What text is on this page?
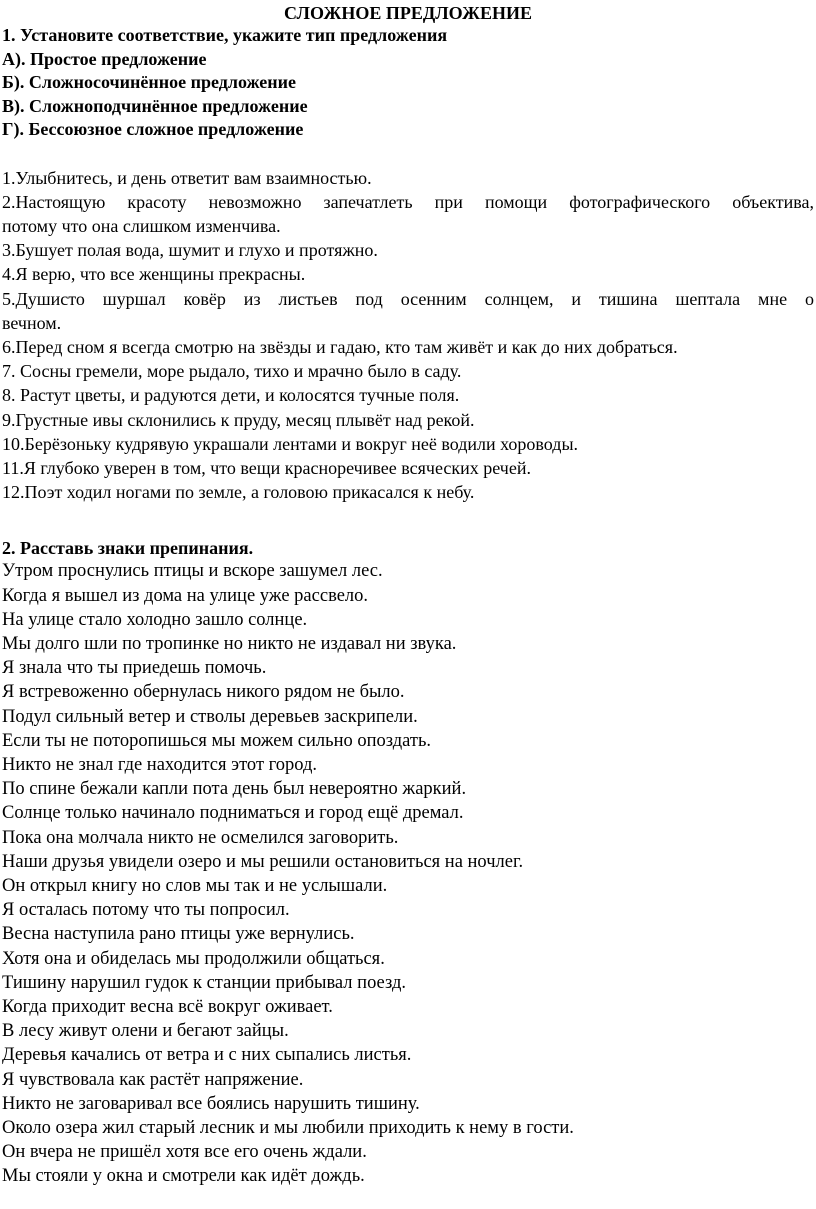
СЛОЖНОЕ ПРЕДЛОЖЕНИЕ
1. Установите соответствие, укажите тип предложения
А). Простое предложение
Б). Сложносочинённое предложение
В). Сложноподчинённое предложение
Г). Бессоюзное сложное предложение
1.Улыбнитесь, и день ответит вам взаимностью.
2.Настоящую красоту невозможно запечатлеть при помощи фотографического объектива,
потому что она слишком изменчива.
3.Бушует полая вода, шумит и глухо и протяжно.
4.Я верю, что все женщины прекрасны.
5.Душисто шуршал ковёр из листьев под осенним солнцем, и тишина шептала мне о
вечном.
6.Перед сном я всегда смотрю на звёзды и гадаю, кто там живёт и как до них добраться.
7. Сосны гремели, море рыдало, тихо и мрачно было в саду.
8. Растут цветы, и радуются дети, и колосятся тучные поля.
9.Грустные ивы склонились к пруду, месяц плывёт над рекой.
10.Берёзоньку кудрявую украшали лентами и вокруг неё водили хороводы.
11.Я глубоко уверен в том, что вещи красноречивее всяческих речей.
12.Поэт ходил ногами по земле, а головою прикасался к небу.
2. Расставь знаки препинания.
Утром проснулись птицы и вскоре зашумел лес.
Когда я вышел из дома на улице уже рассвело.
На улице стало холодно зашло солнце.
Мы долго шли по тропинке но никто не издавал ни звука.
Я знала что ты приедешь помочь.
Я встревоженно обернулась никого рядом не было.
Подул сильный ветер и стволы деревьев заскрипели.
Если ты не поторопишься мы можем сильно опоздать.
Никто не знал где находится этот город.
По спине бежали капли пота день был невероятно жаркий.
Солнце только начинало подниматься и город ещё дремал.
Пока она молчала никто не осмелился заговорить.
Наши друзья увидели озеро и мы решили остановиться на ночлег.
Он открыл книгу но слов мы так и не услышали.
Я осталась потому что ты попросил.
Весна наступила рано птицы уже вернулись.
Хотя она и обиделась мы продолжили общаться.
Тишину нарушил гудок к станции прибывал поезд.
Когда приходит весна всё вокруг оживает.
В лесу живут олени и бегают зайцы.
Деревья качались от ветра и с них сыпались листья.
Я чувствовала как растёт напряжение.
Никто не заговаривал все боялись нарушить тишину.
Около озера жил старый лесник и мы любили приходить к нему в гости.
Он вчера не пришёл хотя все его очень ждали.
Мы стояли у окна и смотрели как идёт дождь.
